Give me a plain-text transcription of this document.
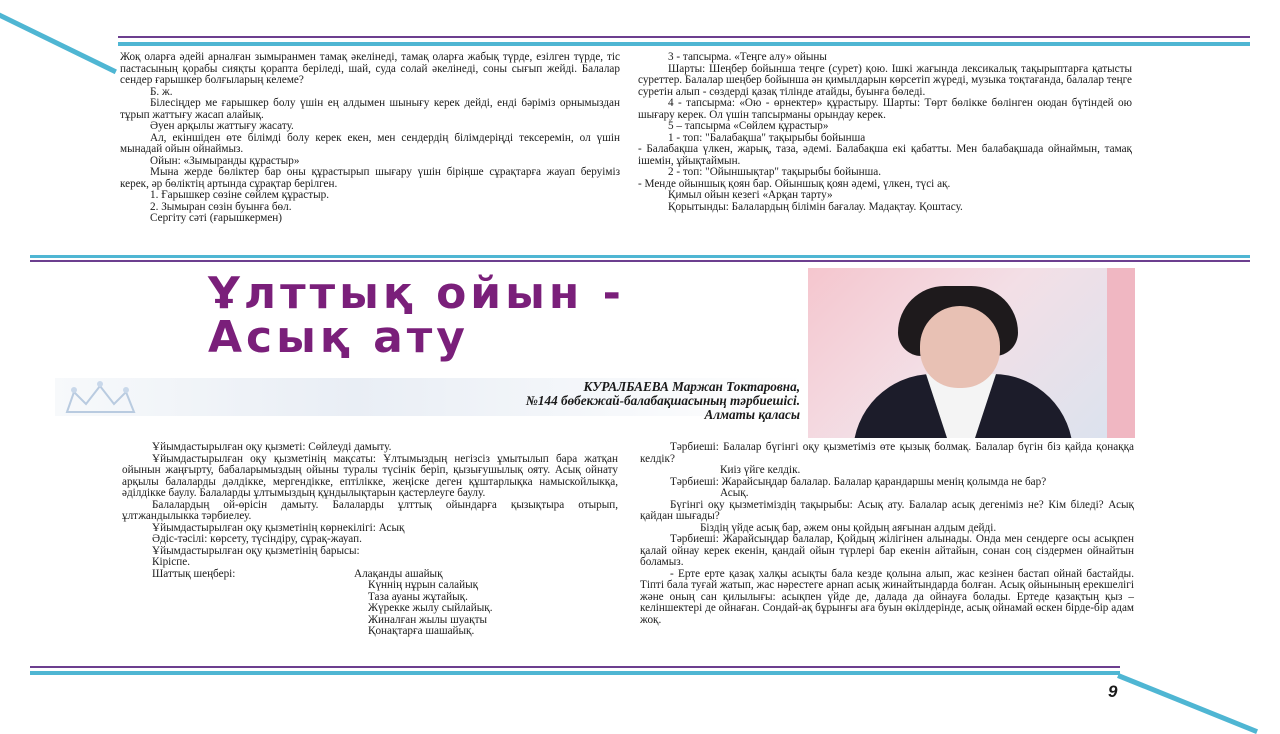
Жоқ оларға әдейі арналған зымыранмен тамақ әкелінеді, тамақ оларға жабық түрде, езілген түрде, тіс пастасының қорабы сияқты қорапта беріледі, шай, суда солай әкелінеді, соны сығып жейді. Балалар сендер ғарышкер болғыларың келеме?

Б. ж.

Білесіңдер ме ғарышкер болу үшін ең алдымен шынығу керек дейді, енді бәріміз орнымыздан тұрып жаттығу жасап алайық.

Әуен арқылы жаттығу жасату.

Ал, екіншіден өте білімді болу керек екен, мен сендердің білімдеріңді тексеремін, ол үшін мынадай ойын ойнаймыз.

Ойын: «Зымыранды құрастыр»

Мына жерде бөліктер бар оны құрастырып шығару үшін біріңше сұрақтарға жауап беруіміз керек, әр бөліктің артында сұрақтар берілген.

1. Ғарышкер сөзіне сөйлем құрастыр.

2. Зымыран сөзін буынға бөл.

Сергіту сәті (ғарышкермен)

3 - тапсырма. «Теңге алу» ойыны

Шарты: Шеңбер бойынша теңге (сурет) қою. Ішкі жағында лексикалық тақырыптарға қатысты суреттер. Балалар шеңбер бойынша ән қимылдарын көрсетіп жүреді, музыка тоқтағанда, балалар теңге суретін алып - сөздерді қазақ тілінде атайды, буынға бөледі.

4 - тапсырма: «Ою - өрнектер» құрастыру. Шарты: Төрт бөлікке бөлінген оюдан бүтіндей ою шығару керек. Ол үшін тапсырманы орындау керек.

5 – тапсырма «Сөйлем құрастыр»

1 - топ: "Балабақша" тақырыбы бойынша

- Балабақша үлкен, жарық, таза, әдемі. Балабақша екі қабатты. Мен балабақшада ойнаймын, тамақ ішемін, ұйықтаймын.

2 - топ: "Ойыншықтар" тақырыбы бойынша.

- Менде ойыншық қоян бар. Ойыншық қоян әдемі, үлкен, түсі ақ.

Қимыл ойын кезегі «Арқан тарту»

Қорытынды: Балалардың білімін бағалау. Мадақтау. Қоштасу.

Ұлттық ойын -
Асық ату
КУРАЛБАЕВА Маржан Токтаровна,
№144 бөбекжай-балабақшасының тәрбиешісі.
Алматы қаласы

Ұйымдастырылған оқу қызметі: Сөйлеуді дамыту.

Ұйымдастырылған оқу қызметінің мақсаты: Ұлтымыздың негізсіз ұмытылып бара жатқан ойынын жаңғырту, бабаларымыздың ойыны туралы түсінік беріп, қызығушылық ояту. Асық ойнату арқылы балаларды дәлдікке, мергендікке, ептілікке, жеңіске деген құштарлықка намыскойлыкқа, әділдікке баулу. Балаларды ұлтымыздың құндылықтарын қастерлеуге баулу.

Балалардың ой-өрісін дамыту. Балаларды ұлттық ойындарға қызықтыра отырып, ұлтжандылыкка тәрбиелеу.

Ұйымдастырылған оқу қызметінің көрнекілігі: Асық

Әдіс-тәсілі: көрсету, түсіндіру, сұрақ-жауап.

Ұйымдастырылған оқу қызметінің барысы:

Кіріспе.

Шаттық шеңбері:	Алақанды ашайық
Күннің нұрын салайық
Таза ауаны жұтайық.
Жүрекке жылу сыйлайық.
Жиналған жылы шуақты
Қонақтарға шашайық.

Тәрбиеші: Балалар бүгінгі оқу қызметіміз өте қызық болмақ. Балалар бүгін біз қайда қонаққа келдік?

Киіз үйге келдік.

Тәрбиеші: Жарайсыңдар балалар. Балалар қарандаршы менің қолымда не бар?

Асық.

Бүгінгі оқу қызметіміздің тақырыбы: Асық ату. Балалар асық дегеніміз не? Кім біледі? Асық қайдан шығады?

Біздің үйде асық бар, әжем оны қойдың аяғынан алдым дейді.

Тәрбиеші: Жарайсыңдар балалар, Қойдың жілігінен алынады. Онда мен сендерге осы асықпен қалай ойнау керек екенін, қандай ойын түрлері бар екенін айтайын, сонан соң сіздермен ойнайтын боламыз.

- Ерте ерте қазақ халқы асықты бала кезде қолына алып, жас кезінен бастап ойнай бастайды. Тіпті бала туғай жатып, жас нәрестеге арнап асық жинайтындарда болған. Асық ойынының ерекшелігі және оның сан қилылығы: асықпен үйде де, далада да ойнауға болады. Ертеде қазақтың қыз – келіншектері де ойнаған. Сондай-ақ бұрынғы аға буын өкілдерінде, асық ойнамай өскен бірде-бір адам жоқ.

9
